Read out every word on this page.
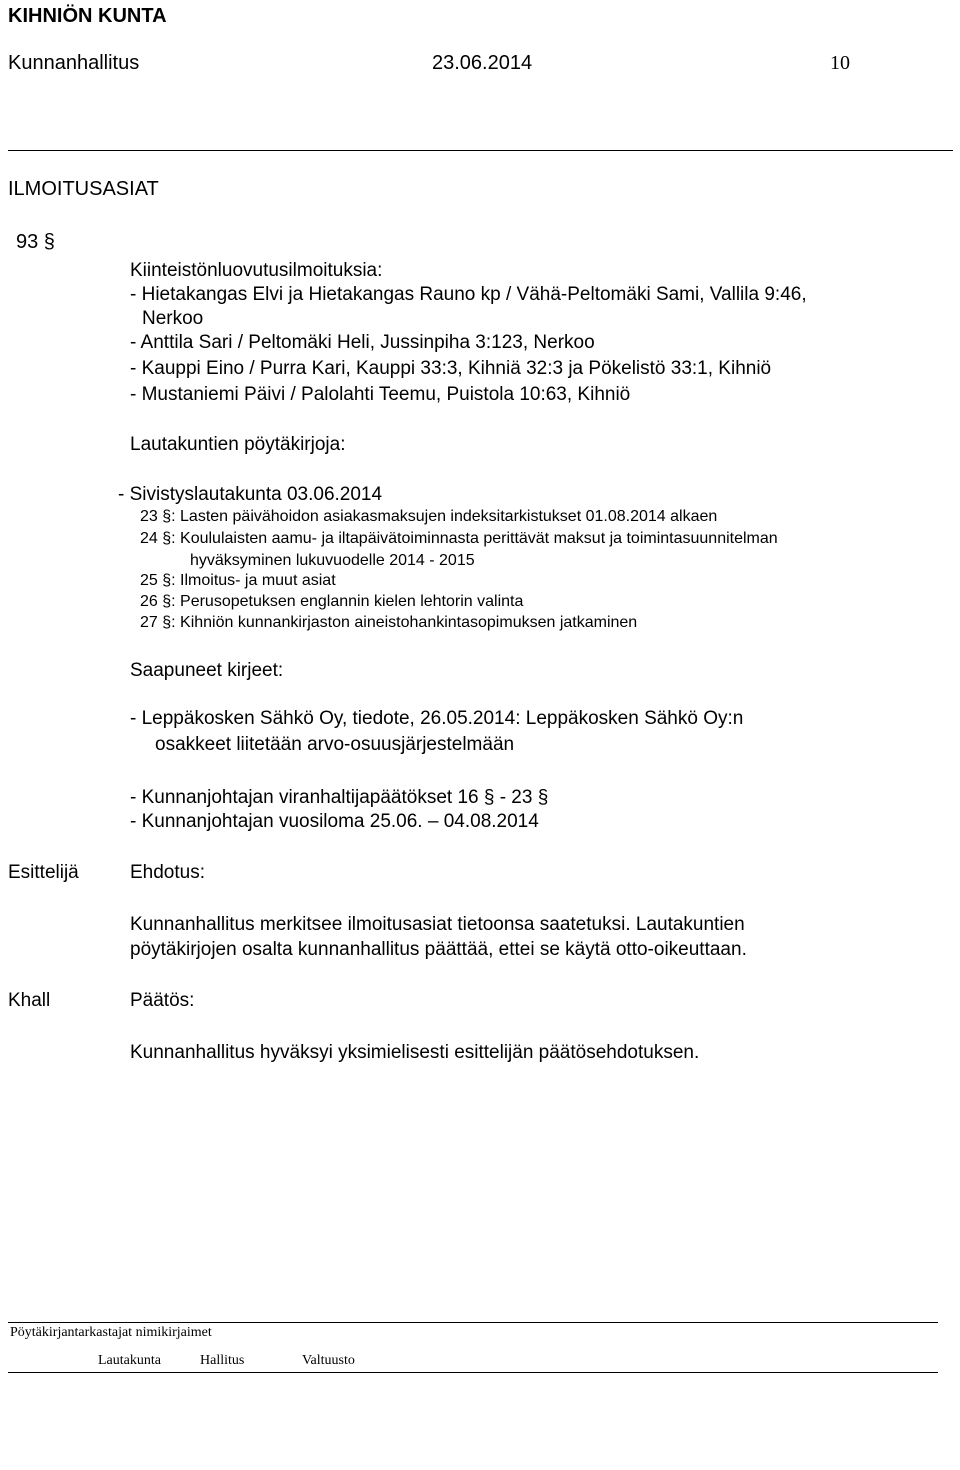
KIHNIÖN KUNTA
Kunnanhallitus	23.06.2014	10
ILMOITUSASIAT
93 §
Kiinteistönluovutusilmoituksia:
- Hietakangas Elvi ja Hietakangas Rauno kp / Vähä-Peltomäki Sami, Vallila 9:46,
Nerkoo
- Anttila Sari / Peltomäki Heli, Jussinpiha 3:123, Nerkoo
- Kauppi Eino / Purra Kari, Kauppi 33:3, Kihniä 32:3 ja Pökelistö 33:1, Kihniö
- Mustaniemi Päivi / Palolahti Teemu, Puistola 10:63, Kihniö
Lautakuntien pöytäkirjoja:
- Sivistyslautakunta 03.06.2014
23 §: Lasten päivähoidon asiakasmaksujen indeksitarkistukset 01.08.2014 alkaen
24 §: Koululaisten aamu- ja iltapäivätoiminnasta perittävät maksut ja toimintasuunnitelman
hyväksyminen lukuvuodelle 2014 - 2015
25 §: Ilmoitus- ja muut asiat
26 §: Perusopetuksen englannin kielen lehtorin valinta
27 §: Kihniön kunnankirjaston aineistohankintasopimuksen jatkaminen
Saapuneet kirjeet:
- Leppäkosken Sähkö Oy, tiedote, 26.05.2014: Leppäkosken Sähkö Oy:n
osakkeet liitetään arvo-osuusjärjestelmään
- Kunnanjohtajan viranhaltijapäätökset 16 § - 23 §
- Kunnanjohtajan vuosiloma 25.06. – 04.08.2014
Esittelijä	Ehdotus:
Kunnanhallitus merkitsee ilmoitusasiat tietoonsa saatetuksi. Lautakuntien
pöytäkirjojen osalta kunnanhallitus päättää, ettei se käytä otto-oikeuttaan.
Khall	Päätös:
Kunnanhallitus hyväksyi yksimielisesti esittelijän päätösehdotuksen.
Pöytäkirjantarkastajat nimikirjaimet
Lautakunta	Hallitus	Valtuusto
